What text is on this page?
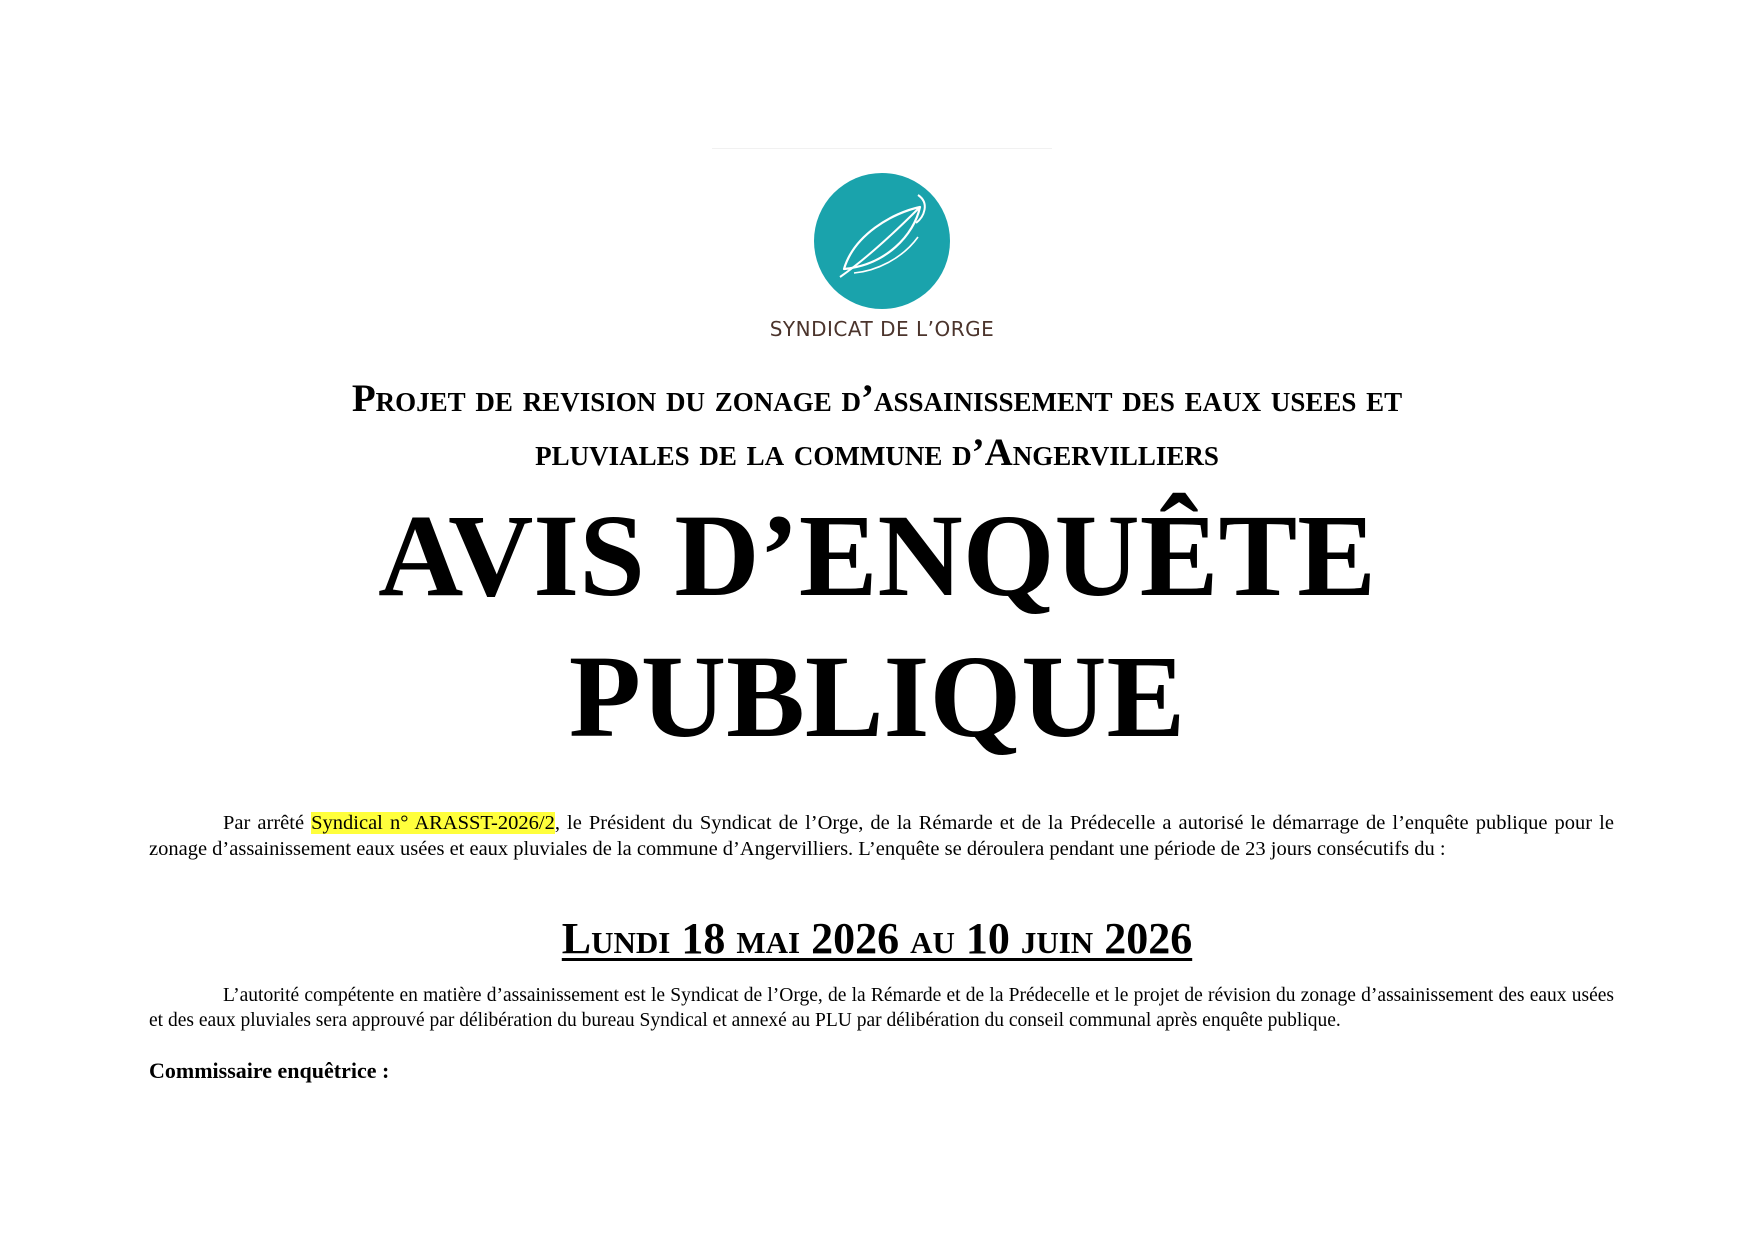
SYNDICAT DE L’ORGE
Projet de revision du zonage d’assainissement des eaux usees et
pluviales de la commune d’Angervilliers
AVIS D’ENQUÊTE
PUBLIQUE
Par arrêté Syndical n° ARASST-2026/2, le Président du Syndicat de l’Orge, de la Rémarde et de la Prédecelle a autorisé le démarrage de l’enquête publique pour le zonage d’assainissement eaux usées et eaux pluviales de la commune d’Angervilliers. L’enquête se déroulera pendant une période de 23 jours consécutifs du :
Lundi 18 mai 2026 au 10 juin 2026
L’autorité compétente en matière d’assainissement est le Syndicat de l’Orge, de la Rémarde et de la Prédecelle et le projet de révision du zonage d’assainissement des eaux usées et des eaux pluviales sera approuvé par délibération du bureau Syndical et annexé au PLU par délibération du conseil communal après enquête publique.
Commissaire enquêtrice :
